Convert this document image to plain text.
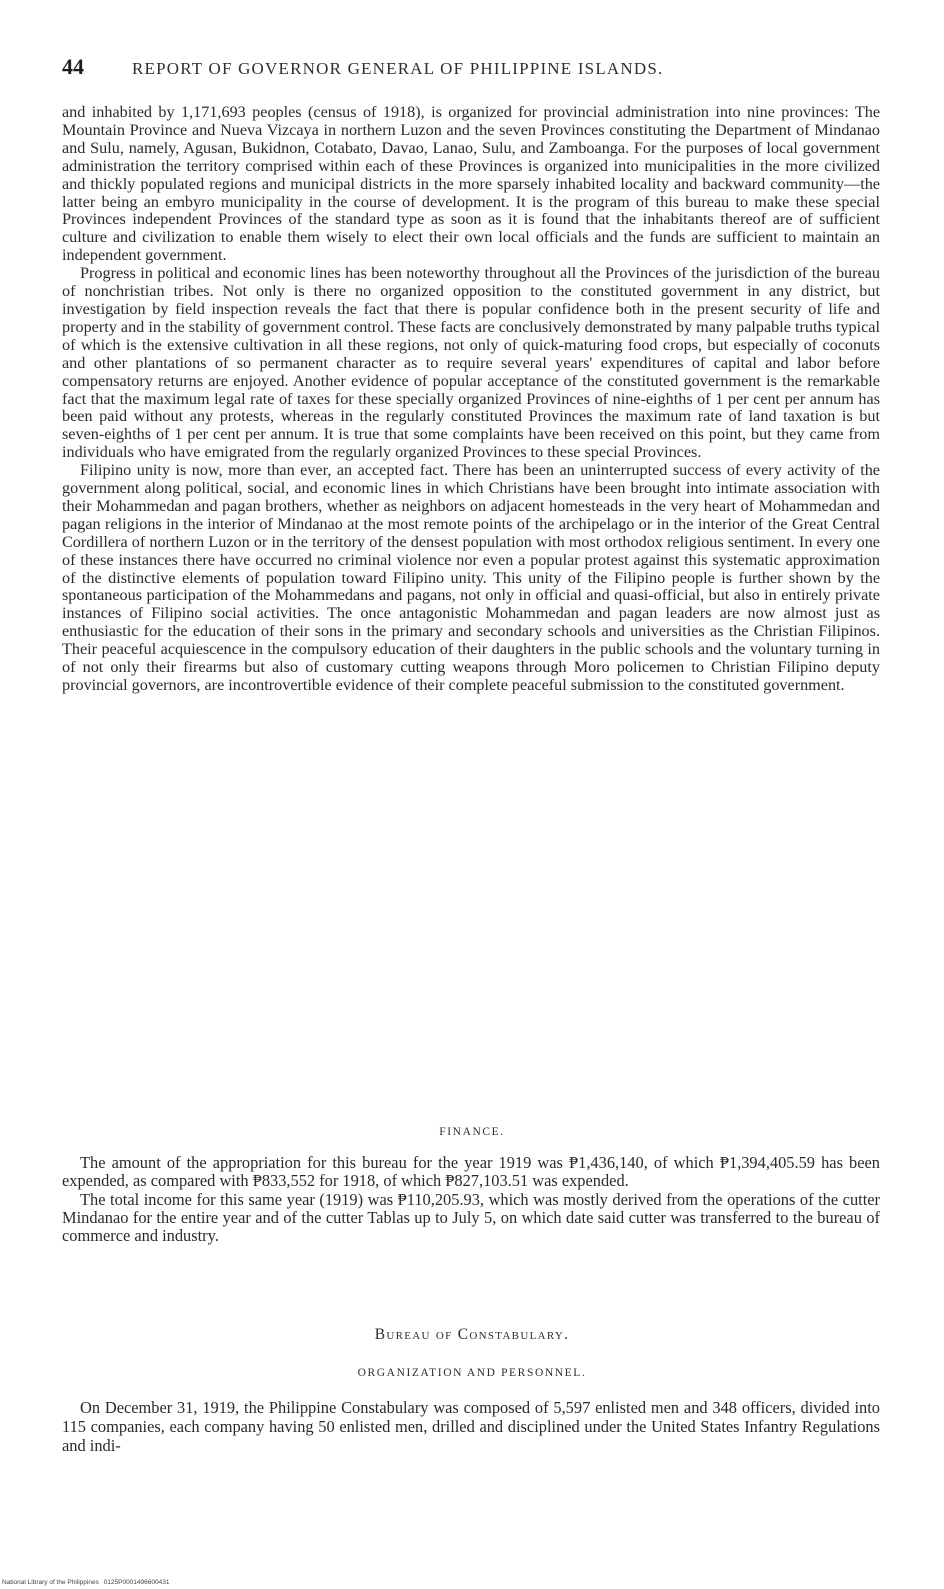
44	REPORT OF GOVERNOR GENERAL OF PHILIPPINE ISLANDS.

and inhabited by 1,171,693 peoples (census of 1918), is organized for provincial administration into nine provinces: The Mountain Province and Nueva Vizcaya in northern Luzon and the seven Provinces constituting the Department of Mindanao and Sulu, namely, Agusan, Bukidnon, Cotabato, Davao, Lanao, Sulu, and Zamboanga. For the purposes of local government administration the territory comprised within each of these Provinces is organized into municipalities in the more civilized and thickly populated regions and municipal districts in the more sparsely inhabited locality and backward community—the latter being an embyro municipality in the course of development. It is the program of this bureau to make these special Provinces independent Provinces of the standard type as soon as it is found that the inhabitants thereof are of sufficient culture and civilization to enable them wisely to elect their own local officials and the funds are sufficient to maintain an independent government.

Progress in political and economic lines has been noteworthy throughout all the Provinces of the jurisdiction of the bureau of nonchristian tribes. Not only is there no organized opposition to the constituted government in any district, but investigation by field inspection reveals the fact that there is popular confidence both in the present security of life and property and in the stability of government control. These facts are conclusively demonstrated by many palpable truths typical of which is the extensive cultivation in all these regions, not only of quick-maturing food crops, but especially of coconuts and other plantations of so permanent character as to require several years' expenditures of capital and labor before compensatory returns are enjoyed. Another evidence of popular acceptance of the constituted government is the remarkable fact that the maximum legal rate of taxes for these specially organized Provinces of nine-eighths of 1 per cent per annum has been paid without any protests, whereas in the regularly constituted Provinces the maximum rate of land taxation is but seven-eighths of 1 per cent per annum. It is true that some complaints have been received on this point, but they came from individuals who have emigrated from the regularly organized Provinces to these special Provinces.

Filipino unity is now, more than ever, an accepted fact. There has been an uninterrupted success of every activity of the government along political, social, and economic lines in which Christians have been brought into intimate association with their Mohammedan and pagan brothers, whether as neighbors on adjacent homesteads in the very heart of Mohammedan and pagan religions in the interior of Mindanao at the most remote points of the archipelago or in the interior of the Great Central Cordillera of northern Luzon or in the territory of the densest population with most orthodox religious sentiment. In every one of these instances there have occurred no criminal violence nor even a popular protest against this systematic approximation of the distinctive elements of population toward Filipino unity. This unity of the Filipino people is further shown by the spontaneous participation of the Mohammedans and pagans, not only in official and quasi-official, but also in entirely private instances of Filipino social activities. The once antagonistic Mohammedan and pagan leaders are now almost just as enthusiastic for the education of their sons in the primary and secondary schools and universities as the Christian Filipinos. Their peaceful acquiescence in the compulsory education of their daughters in the public schools and the voluntary turning in of not only their firearms but also of customary cutting weapons through Moro policemen to Christian Filipino deputy provincial governors, are incontrovertible evidence of their complete peaceful submission to the constituted government.

FINANCE.

The amount of the appropriation for this bureau for the year 1919 was ₱1,436,140, of which ₱1,394,405.59 has been expended, as compared with ₱833,552 for 1918, of which ₱827,103.51 was expended.

The total income for this same year (1919) was ₱110,205.93, which was mostly derived from the operations of the cutter Mindanao for the entire year and of the cutter Tablas up to July 5, on which date said cutter was transferred to the bureau of commerce and industry.

Bureau of Constabulary.
ORGANIZATION AND PERSONNEL.

On December 31, 1919, the Philippine Constabulary was composed of 5,597 enlisted men and 348 officers, divided into 115 companies, each company having 50 enlisted men, drilled and disciplined under the United States Infantry Regulations and indi-

National Library of the Philippines 0125P0001496600431
